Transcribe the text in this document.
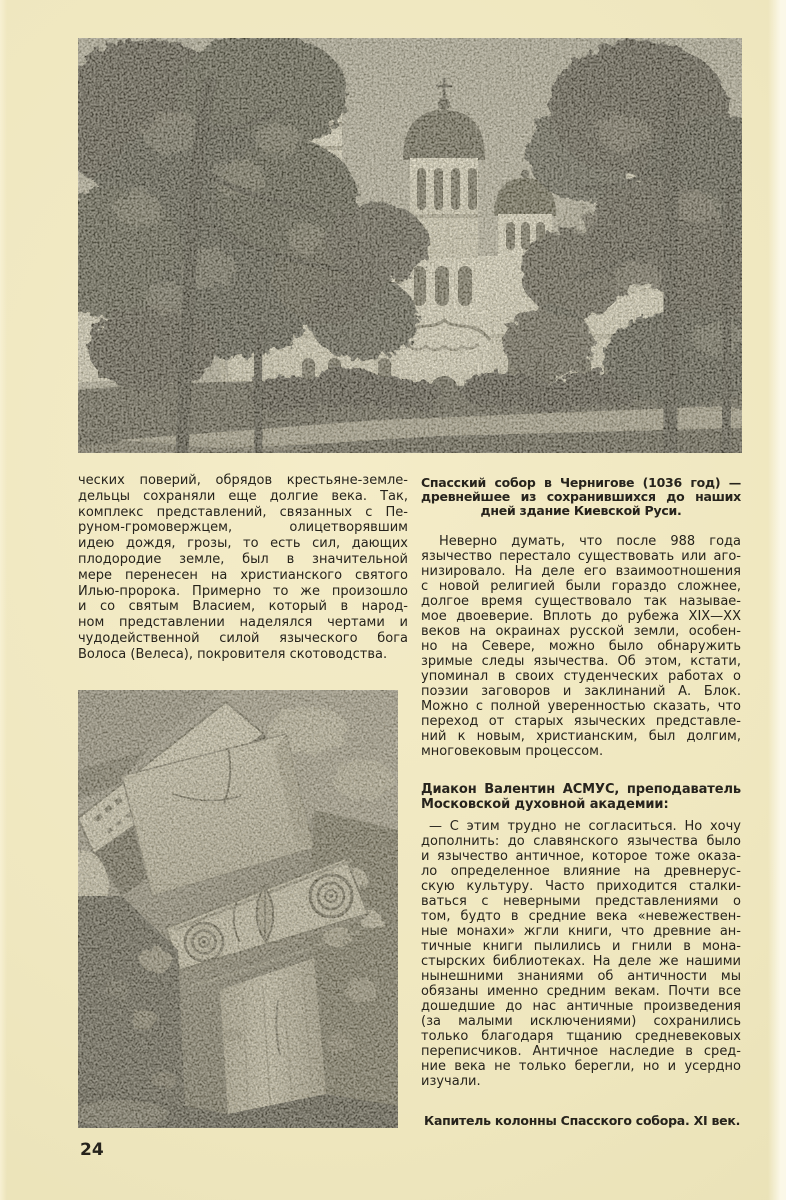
ческих поверий, обрядов крестьяне-земле-
дельцы сохраняли еще долгие века. Так,
комплекс представлений, связанных с Пе-
руном-громовержцем, олицетворявшим
идею дождя, грозы, то есть сил, дающих
плодородие земле, был в значительной
мере перенесен на христианского святого
Илью-пророка. Примерно то же произошло
и со святым Власием, который в народ-
ном представлении наделялся чертами и
чудодейственной силой языческого бога
Волоса (Велеса), покровителя скотоводства.
Спасский собор в Чернигове (1036 год) —
древнейшее из сохранившихся до наших
дней здание Киевской Руси.
Неверно думать, что после 988 года
язычество перестало существовать или аго-
низировало. На деле его взаимоотношения
с новой религией были гораздо сложнее,
долгое время существовало так называе-
мое двоеверие. Вплоть до рубежа XIX—XX
веков на окраинах русской земли, особен-
но на Севере, можно было обнаружить
зримые следы язычества. Об этом, кстати,
упоминал в своих студенческих работах о
поэзии заговоров и заклинаний А. Блок.
Можно с полной уверенностью сказать, что
переход от старых языческих представле-
ний к новым, христианским, был долгим,
многовековым процессом.
Диакон Валентин АСМУС, преподаватель
Московской духовной академии:
— С этим трудно не согласиться. Но хочу
дополнить: до славянского язычества было
и язычество античное, которое тоже оказа-
ло определенное влияние на древнерус-
скую культуру. Часто приходится сталки-
ваться с неверными представлениями о
том, будто в средние века «невежествен-
ные монахи» жгли книги, что древние ан-
тичные книги пылились и гнили в мона-
стырских библиотеках. На деле же нашими
нынешними знаниями об античности мы
обязаны именно средним векам. Почти все
дошедшие до нас античные произведения
(за малыми исключениями) сохранились
только благодаря тщанию средневековых
переписчиков. Античное наследие в сред-
ние века не только берегли, но и усердно
изучали.
Капитель колонны Спасского собора. XI век.
24
